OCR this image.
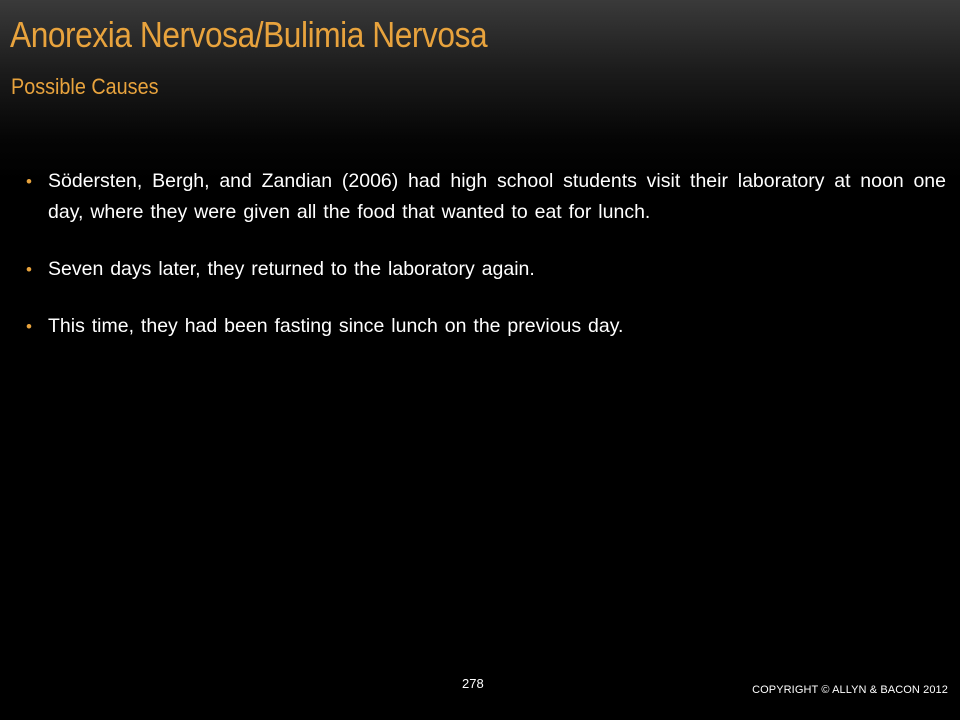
Anorexia Nervosa/Bulimia Nervosa
Possible Causes
• Södersten, Bergh, and Zandian (2006) had high school students visit their laboratory at noon one day, where they were given all the food that wanted to eat for lunch.
• Seven days later, they returned to the laboratory again.
• This time, they had been fasting since lunch on the previous day.
278	COPYRIGHT © ALLYN & BACON 2012
